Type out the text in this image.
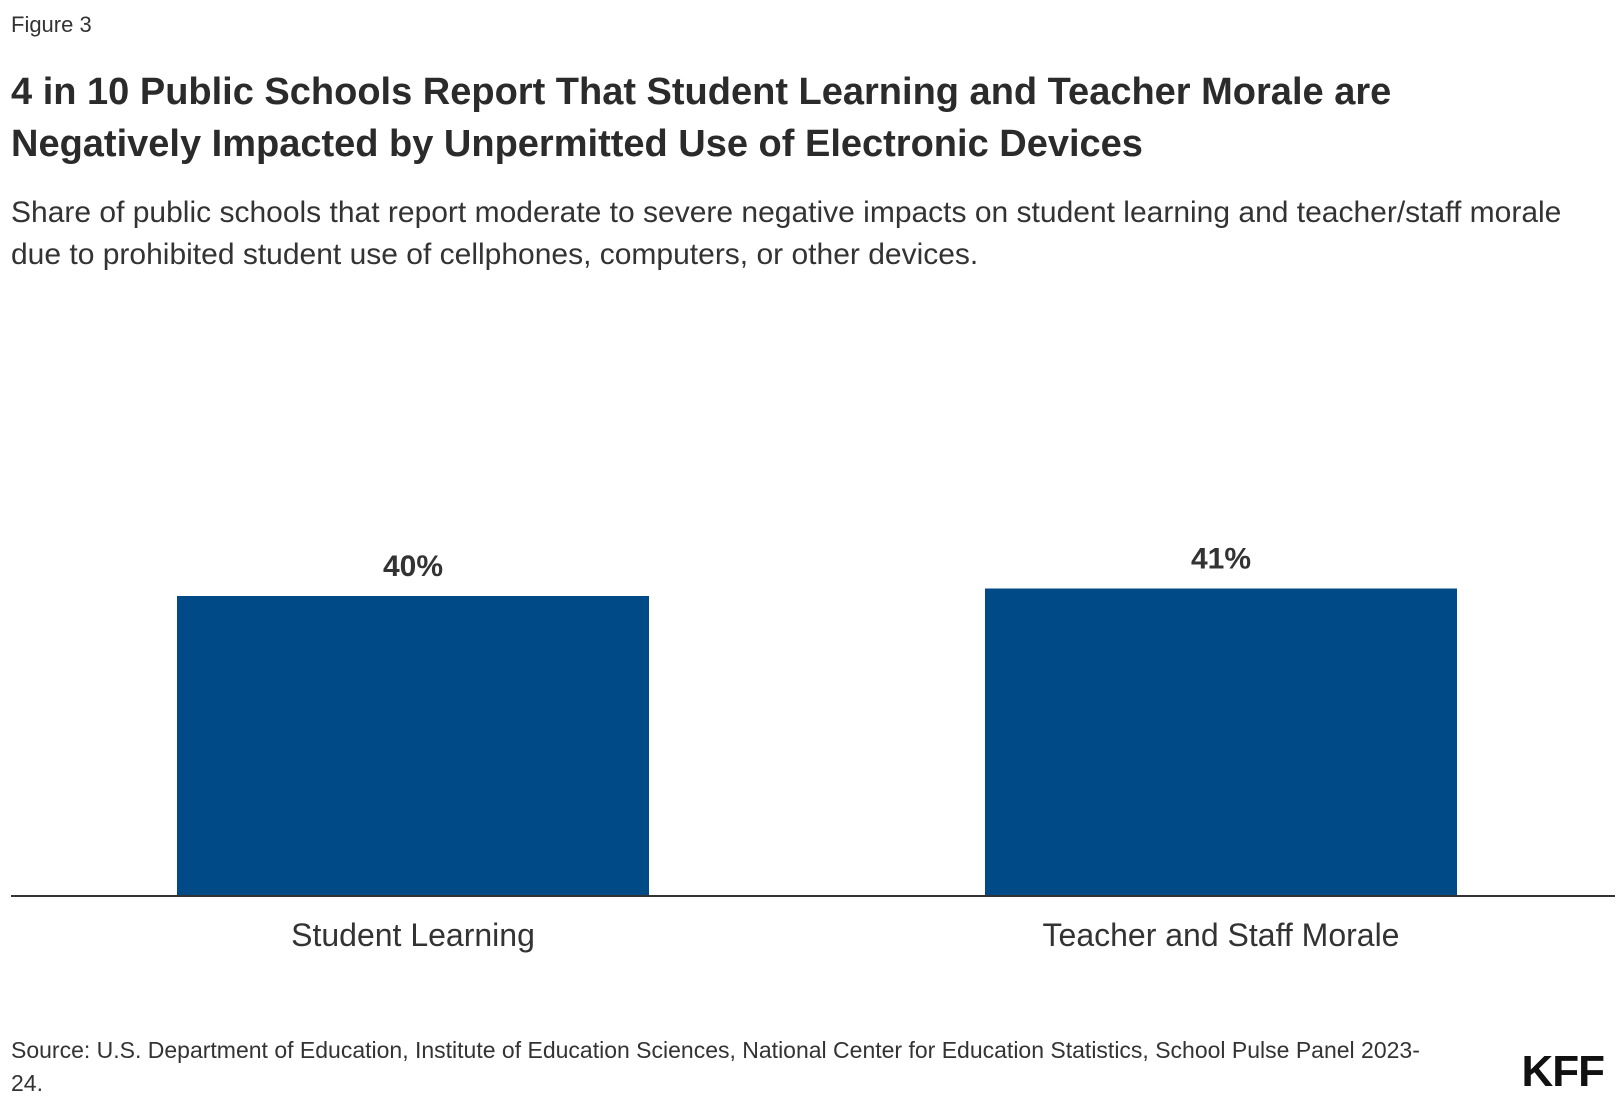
Figure 3
4 in 10 Public Schools Report That Student Learning and Teacher Morale are Negatively Impacted by Unpermitted Use of Electronic Devices

Share of public schools that report moderate to severe negative impacts on student learning and teacher/staff morale due to prohibited student use of cellphones, computers, or other devices.

40%
Student Learning
41%
Teacher and Staff Morale
Source: U.S. Department of Education, Institute of Education Sciences, National Center for Education Statistics, School Pulse Panel 2023-24.	KFF
